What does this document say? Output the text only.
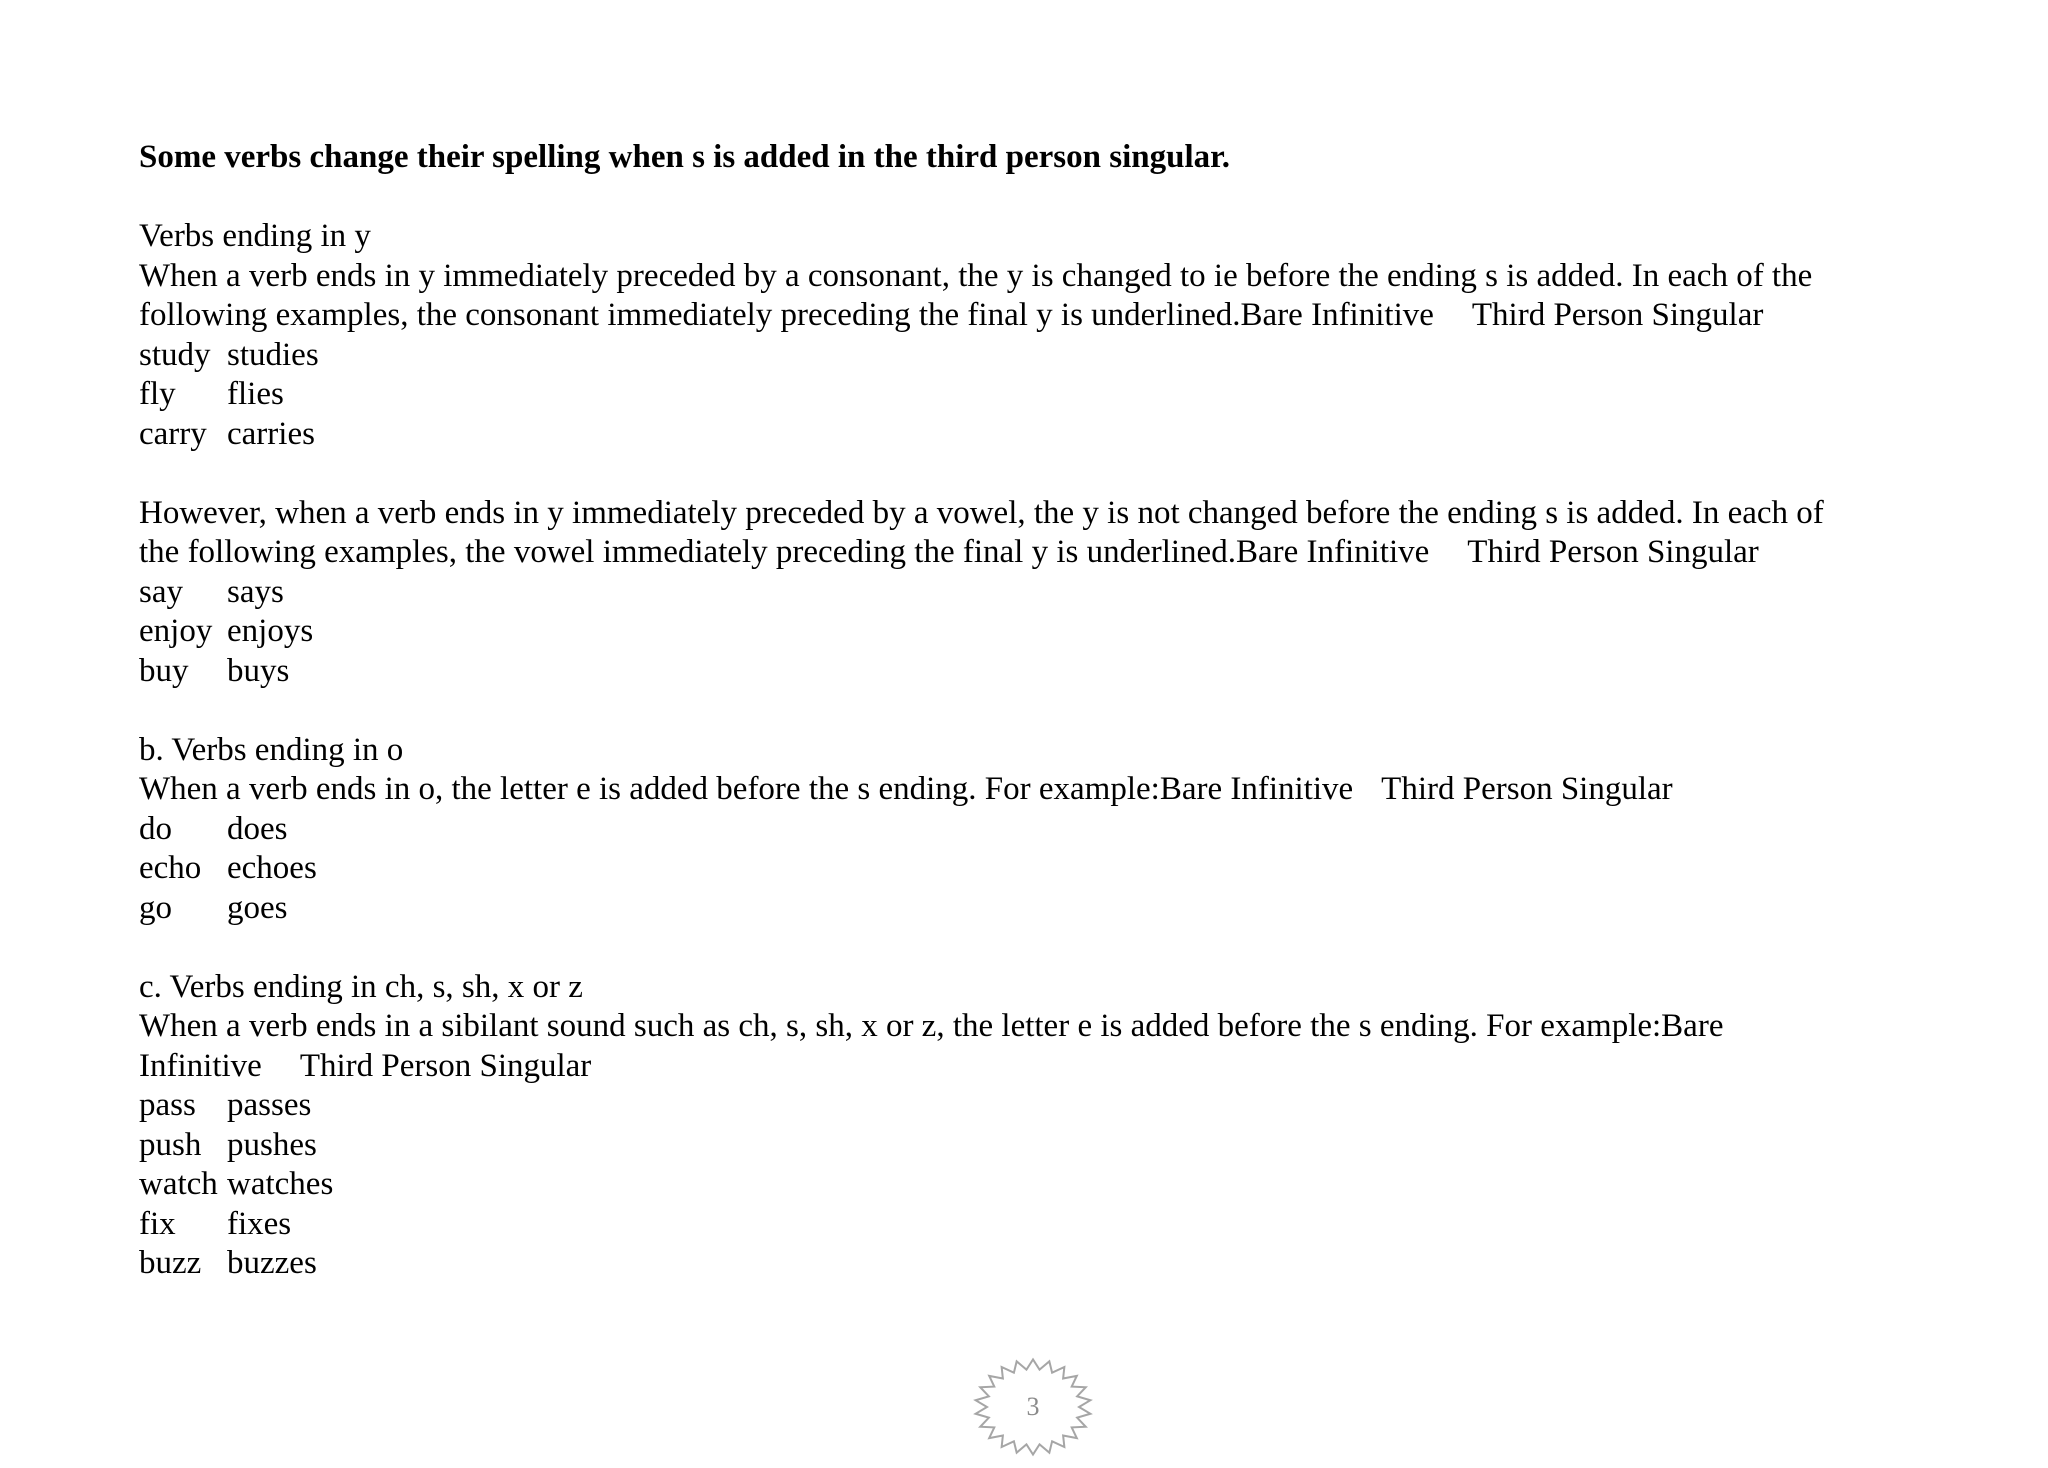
Some verbs change their spelling when s is added in the third person singular.
Verbs ending in y
When a verb ends in y immediately preceded by a consonant, the y is changed to ie before the ending s is added. In each of the
following examples, the consonant immediately preceding the final y is underlined.Bare Infinitive Third Person Singular
study studies
fly	flies
carry carries
However, when a verb ends in y immediately preceded by a vowel, the y is not changed before the ending s is added. In each of
the following examples, the vowel immediately preceding the final y is underlined.Bare Infinitive Third Person Singular
say	says
enjoy enjoys
buy	buys
b. Verbs ending in o
When a verb ends in o, the letter e is added before the s ending. For example:Bare Infinitive Third Person Singular
do	does
echo echoes
go	goes
c. Verbs ending in ch, s, sh, x or z
When a verb ends in a sibilant sound such as ch, s, sh, x or z, the letter e is added before the s ending. For example:Bare
Infinitive Third Person Singular
pass passes
push pushes
watch watches
fix	fixes
buzz buzzes
3
